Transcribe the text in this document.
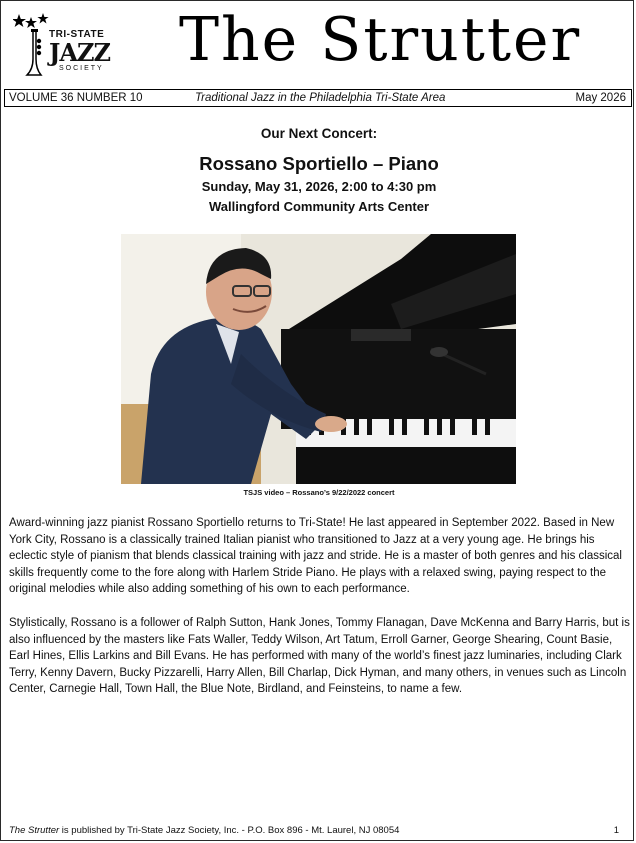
TRI-STATE
JAZZ
SOCIETY The Strutter
VOLUME 36 NUMBER 10	Traditional Jazz in the Philadelphia Tri-State Area	May 2026
Our Next Concert:
Rossano Sportiello – Piano
Sunday, May 31, 2026, 2:00 to 4:30 pm
Wallingford Community Arts Center
TSJS video – Rossano’s 9/22/2022 concert
Award-winning jazz pianist Rossano Sportiello returns to Tri-State! He last appeared in September 2022. Based in New York City, Rossano is a classically trained Italian pianist who transitioned to Jazz at a very young age. He brings his eclectic style of pianism that blends classical training with jazz and stride. He is a master of both genres and his classical skills frequently come to the fore along with Harlem Stride Piano. He plays with a relaxed swing, paying respect to the original melodies while also adding something of his own to each performance.
Stylistically, Rossano is a follower of Ralph Sutton, Hank Jones, Tommy Flanagan, Dave McKenna and Barry Harris, but is also influenced by the masters like Fats Waller, Teddy Wilson, Art Tatum, Erroll Garner, George Shearing, Count Basie, Earl Hines, Ellis Larkins and Bill Evans. He has performed with many of the world’s finest jazz luminaries, including Clark Terry, Kenny Davern, Bucky Pizzarelli, Harry Allen, Bill Charlap, Dick Hyman, and many others, in venues such as Lincoln Center, Carnegie Hall, Town Hall, the Blue Note, Birdland, and Feinsteins, to name a few.
The Strutter is published by Tri-State Jazz Society, Inc. - P.O. Box 896 - Mt. Laurel, NJ 08054	1
